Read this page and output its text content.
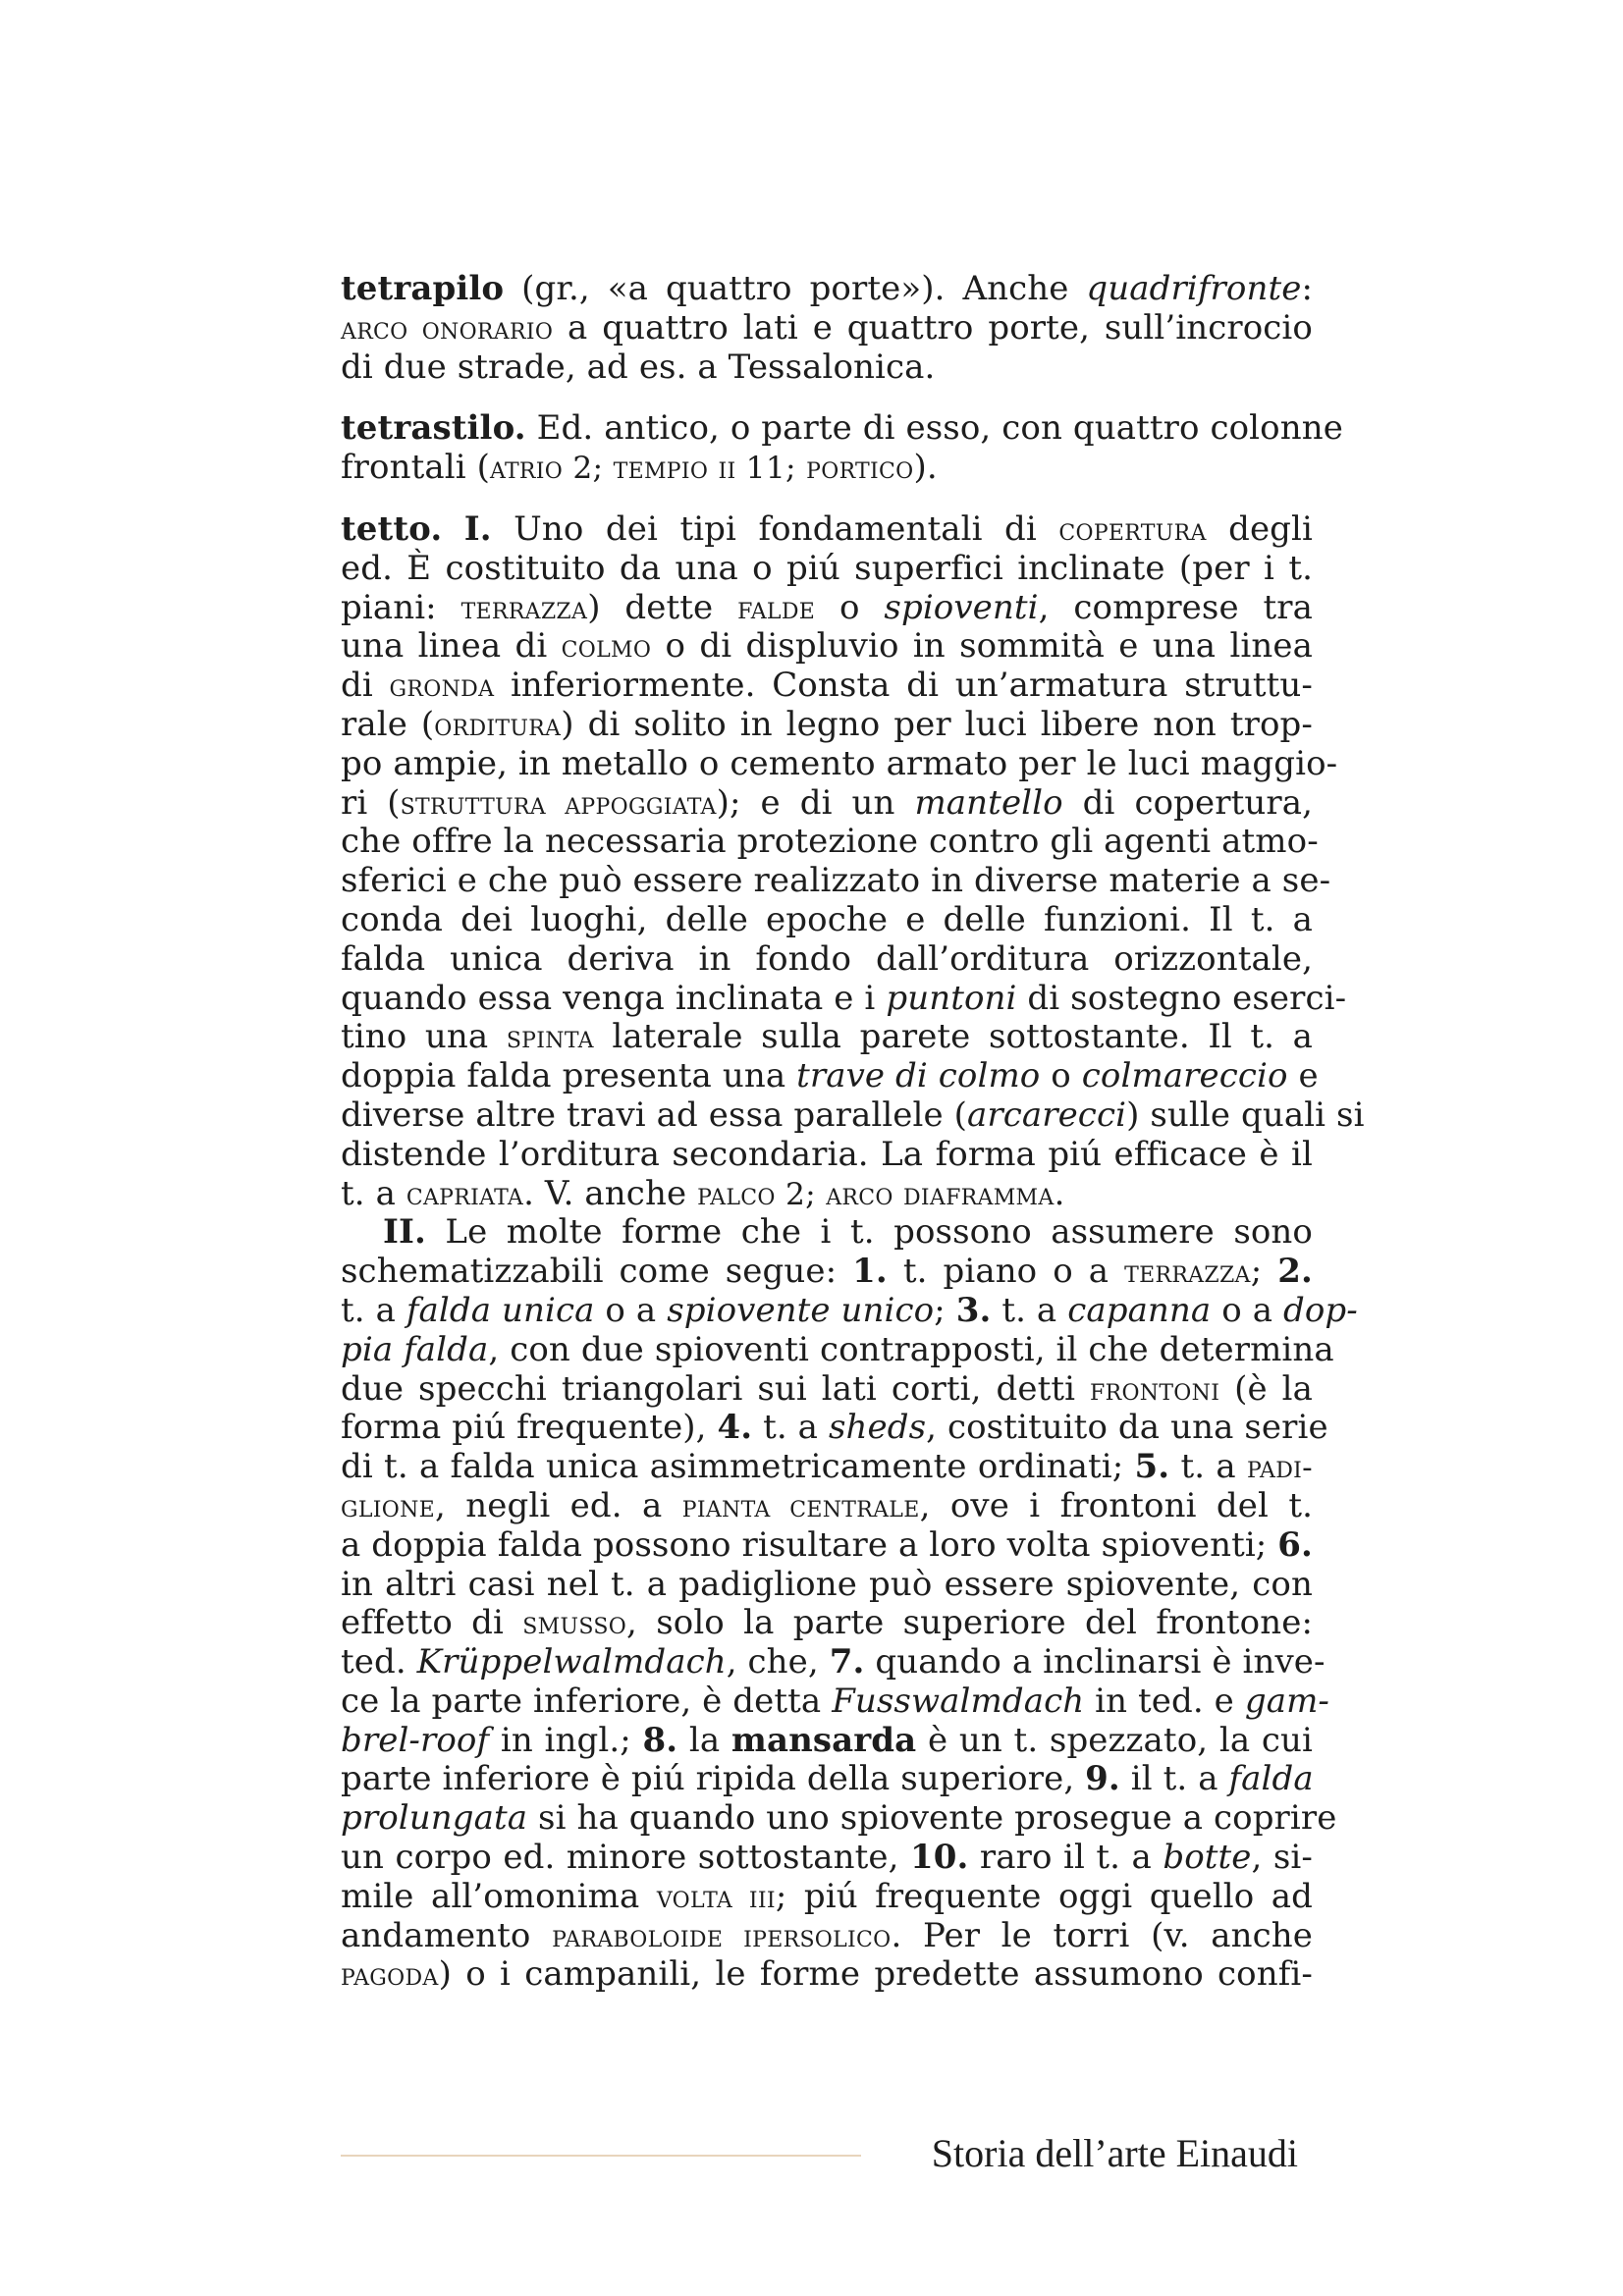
tetrapilo (gr., «a quattro porte»). Anche quadrifronte:
arco onorario a quattro lati e quattro porte, sull’incrocio
di due strade, ad es. a Tessalonica.
tetrastilo. Ed. antico, o parte di esso, con quattro colonne
frontali (atrio 2; tempio ii 11; portico).
tetto. I. Uno dei tipi fondamentali di copertura degli
ed. È costituito da una o piú superfici inclinate (per i t.
piani: terrazza) dette falde o spioventi, comprese tra
una linea di colmo o di displuvio in sommità e una linea
di gronda inferiormente. Consta di un’armatura struttu-
rale (orditura) di solito in legno per luci libere non trop-
po ampie, in metallo o cemento armato per le luci maggio-
ri (struttura appoggiata); e di un mantello di copertura,
che offre la necessaria protezione contro gli agenti atmo-
sferici e che può essere realizzato in diverse materie a se-
conda dei luoghi, delle epoche e delle funzioni. Il t. a
falda unica deriva in fondo dall’orditura orizzontale,
quando essa venga inclinata e i puntoni di sostegno eserci-
tino una spinta laterale sulla parete sottostante. Il t. a
doppia falda presenta una trave di colmo o colmareccio e
diverse altre travi ad essa parallele (arcarecci) sulle quali si
distende l’orditura secondaria. La forma piú efficace è il
t. a capriata. V. anche palco 2; arco diaframma.
II. Le molte forme che i t. possono assumere sono
schematizzabili come segue: 1. t. piano o a terrazza; 2.
t. a falda unica o a spiovente unico; 3. t. a capanna o a dop-
pia falda, con due spioventi contrapposti, il che determina
due specchi triangolari sui lati corti, detti frontoni (è la
forma piú frequente), 4. t. a sheds, costituito da una serie
di t. a falda unica asimmetricamente ordinati; 5. t. a padi-
glione, negli ed. a pianta centrale, ove i frontoni del t.
a doppia falda possono risultare a loro volta spioventi; 6.
in altri casi nel t. a padiglione può essere spiovente, con
effetto di smusso, solo la parte superiore del frontone:
ted. Krüppelwalmdach, che, 7. quando a inclinarsi è inve-
ce la parte inferiore, è detta Fusswalmdach in ted. e gam-
brel-roof in ingl.; 8. la mansarda è un t. spezzato, la cui
parte inferiore è piú ripida della superiore, 9. il t. a falda
prolungata si ha quando uno spiovente prosegue a coprire
un corpo ed. minore sottostante, 10. raro il t. a botte, si-
mile all’omonima volta iii; piú frequente oggi quello ad
andamento paraboloide ipersolico. Per le torri (v. anche
pagoda) o i campanili, le forme predette assumono confi-
Storia dell’arte Einaudi
